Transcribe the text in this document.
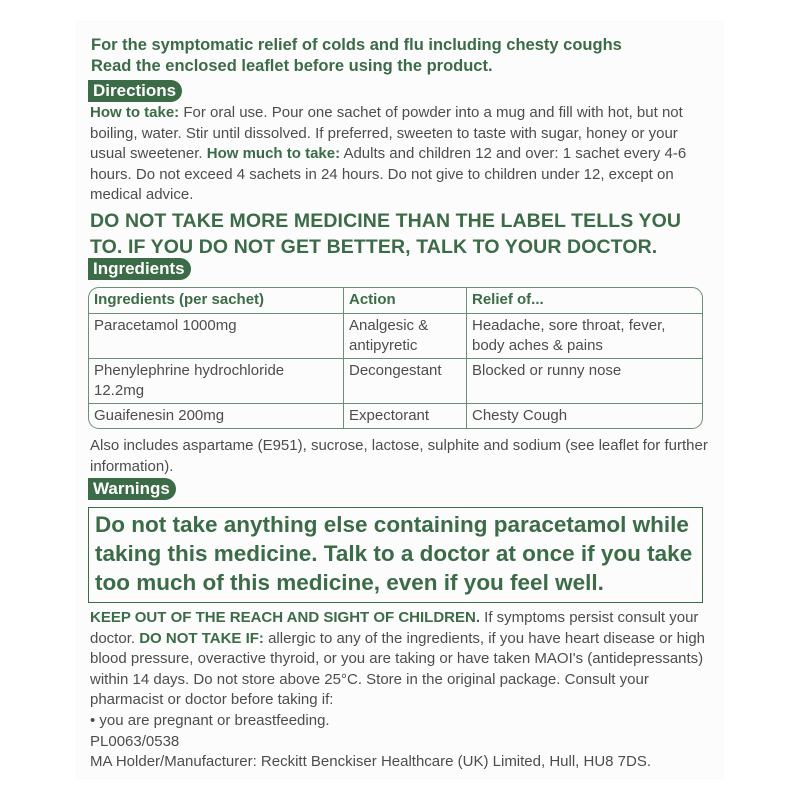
For the symptomatic relief of colds and flu including chesty coughs
Read the enclosed leaflet before using the product.
Directions
How to take: For oral use. Pour one sachet of powder into a mug and fill with hot, but not boiling, water. Stir until dissolved. If preferred, sweeten to taste with sugar, honey or your usual sweetener. How much to take: Adults and children 12 and over: 1 sachet every 4-6 hours. Do not exceed 4 sachets in 24 hours. Do not give to children under 12, except on medical advice.
DO NOT TAKE MORE MEDICINE THAN THE LABEL TELLS YOU TO. IF YOU DO NOT GET BETTER, TALK TO YOUR DOCTOR.
Ingredients
Ingredients (per sachet)	Action	Relief of...
Paracetamol 1000mg	Analgesic & antipyretic	Headache, sore throat, fever, body aches & pains
Phenylephrine hydrochloride 12.2mg	Decongestant	Blocked or runny nose
Guaifenesin 200mg	Expectorant	Chesty Cough
Also includes aspartame (E951), sucrose, lactose, sulphite and sodium (see leaflet for further information).
Warnings
Do not take anything else containing paracetamol while taking this medicine. Talk to a doctor at once if you take too much of this medicine, even if you feel well.
KEEP OUT OF THE REACH AND SIGHT OF CHILDREN. If symptoms persist consult your doctor. DO NOT TAKE IF: allergic to any of the ingredients, if you have heart disease or high blood pressure, overactive thyroid, or you are taking or have taken MAOI's (antidepressants) within 14 days. Do not store above 25°C. Store in the original package. Consult your pharmacist or doctor before taking if:
• you are pregnant or breastfeeding.
PL0063/0538
MA Holder/Manufacturer: Reckitt Benckiser Healthcare (UK) Limited, Hull, HU8 7DS.
